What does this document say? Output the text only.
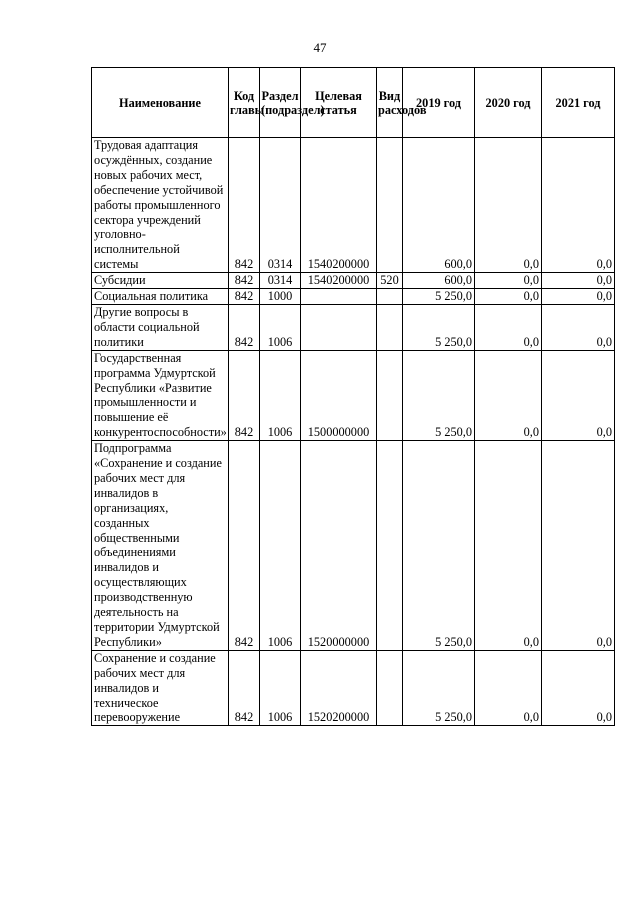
47
Наименование	Код главы	Раздел (подраздел)	Целевая статья	Вид расходов	2019 год	2020 год	2021 год
Трудовая адаптация осуждённых, создание новых рабочих мест, обеспечение устойчивой работы промышленного сектора учреждений уголовно-исполнительной системы	842	0314	1540200000		600,0	0,0	0,0
Субсидии	842	0314	1540200000	520	600,0	0,0	0,0
Социальная политика	842	1000			5 250,0	0,0	0,0
Другие вопросы в области социальной политики	842	1006			5 250,0	0,0	0,0
Государственная программа Удмуртской Республики «Развитие промышленности и повышение её конкурентоспособности»	842	1006	1500000000		5 250,0	0,0	0,0
Подпрограмма «Сохранение и создание рабочих мест для инвалидов в организациях, созданных общественными объединениями инвалидов и осуществляющих производственную деятельность на территории Удмуртской Республики»	842	1006	1520000000		5 250,0	0,0	0,0
Сохранение и создание рабочих мест для инвалидов и техническое перевооружение	842	1006	1520200000		5 250,0	0,0	0,0
